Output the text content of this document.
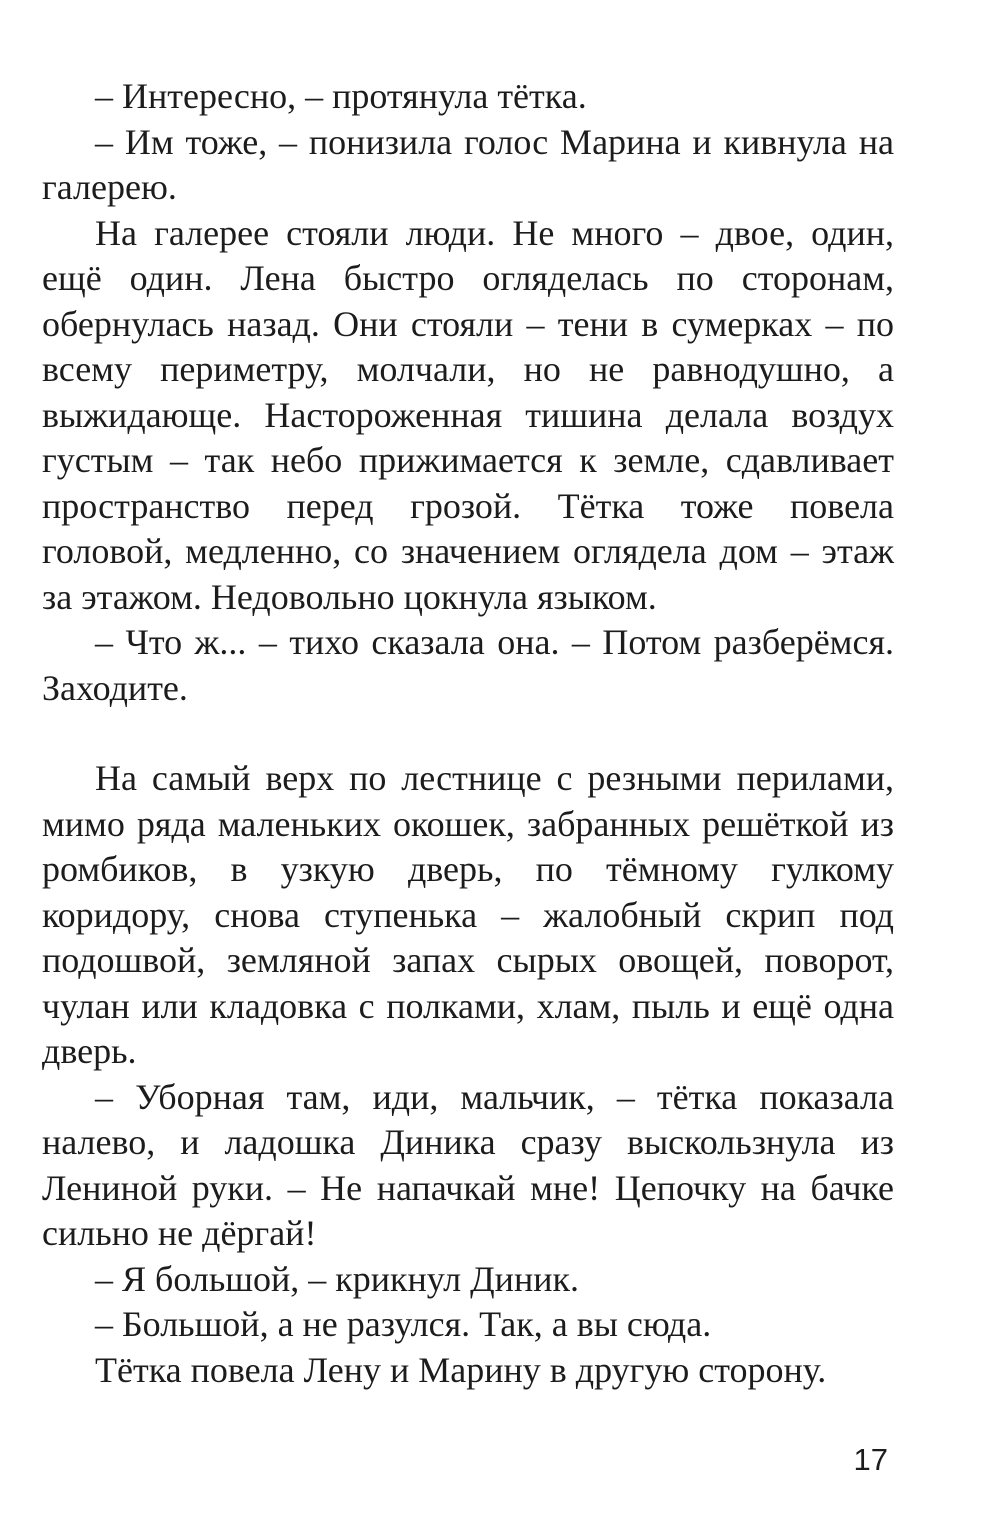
– Интересно, – протянула тётка.

– Им тоже, – понизила голос Марина и кивнула на галерею.

На галерее стояли люди. Не много – двое, один, ещё один. Лена быстро огляделась по сторонам, обернулась назад. Они стояли – тени в сумерках – по всему периметру, молчали, но не равнодушно, а выжидающе. Настороженная тишина делала воздух густым – так небо прижимается к земле, сдавливает пространство перед грозой. Тётка тоже повела головой, медленно, со значением оглядела дом – этаж за этажом. Недовольно цокнула языком.

– Что ж... – тихо сказала она. – Потом разберёмся. Заходите.

На самый верх по лестнице с резными перилами, мимо ряда маленьких окошек, забранных решёткой из ромбиков, в узкую дверь, по тёмному гулкому коридору, снова ступенька – жалобный скрип под подошвой, земляной запах сырых овощей, поворот, чулан или кладовка с полками, хлам, пыль и ещё одна дверь.

– Уборная там, иди, мальчик, – тётка показала налево, и ладошка Диника сразу выскользнула из Лениной руки. – Не напачкай мне! Цепочку на бачке сильно не дёргай!

– Я большой, – крикнул Диник.

– Большой, а не разулся. Так, а вы сюда.

Тётка повела Лену и Марину в другую сторону.

17
